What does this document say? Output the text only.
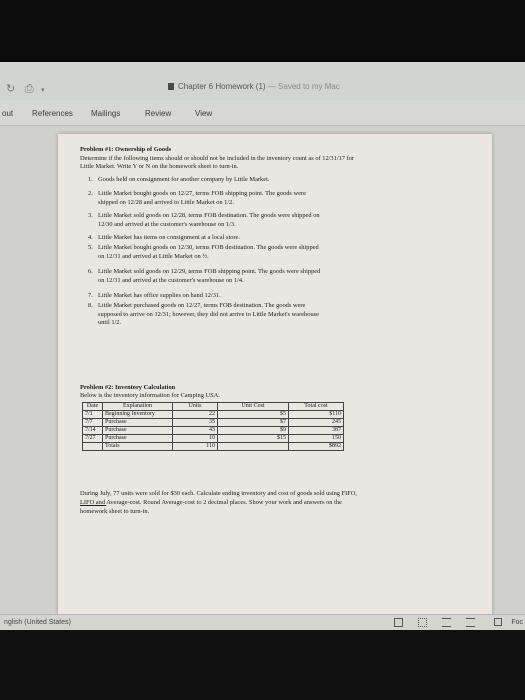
↻ ⎙ ▾	Chapter 6 Homework (1) — Saved to my Mac
out References Mailings	Review	View
Problem #1: Ownership of Goods
Determine if the following items should or should not be included in the inventory count as of 12/31/17 for
Little Market. Write Y or N on the homework sheet to turn-in.
1. Goods held on consignment for another company by Little Market.
2. Little Market bought goods on 12/27, terms FOB shipping point. The goods were
shipped on 12/28 and arrived to Little Market on 1/2.
3. Little Market sold goods on 12/28, terms FOB destination. The goods were shipped on
12/30 and arrived at the customer's warehouse on 1/3.
4. Little Market has items on consignment at a local store.
5. Little Market bought goods on 12/30, terms FOB destination. The goods were shipped
on 12/31 and arrived at Little Market on ½.
6. Little Market sold goods on 12/29, terms FOB shipping point. The goods were shipped
on 12/31 and arrived at the customer's warehouse on 1/4.
7. Little Market has office supplies on hand 12/31.
8. Little Market purchased goods on 12/27, terms FOB destination. The goods were
supposed to arrive on 12/31; however, they did not arrive to Little Market's warehouse
until 1/2.
Problem #2: Inventory Calculation
Below is the inventory information for Camping USA.
Date	Explanation	Units	Unit Cost	Total cost
7/1	Beginning Inventory	22	$5	$110
7/7	Purchase	35	$7	245
7/14	Purchase	43	$9	387
7/27	Purchase	10	$15	150
	Totals	110		$892
During July, 77 units were sold for $30 each. Calculate ending inventory and cost of goods sold using FIFO,
LIFO and Average-cost. Round Average-cost to 2 decimal places. Show your work and answers on the
homework sheet to turn-in.
nglish (United States)	Foc
